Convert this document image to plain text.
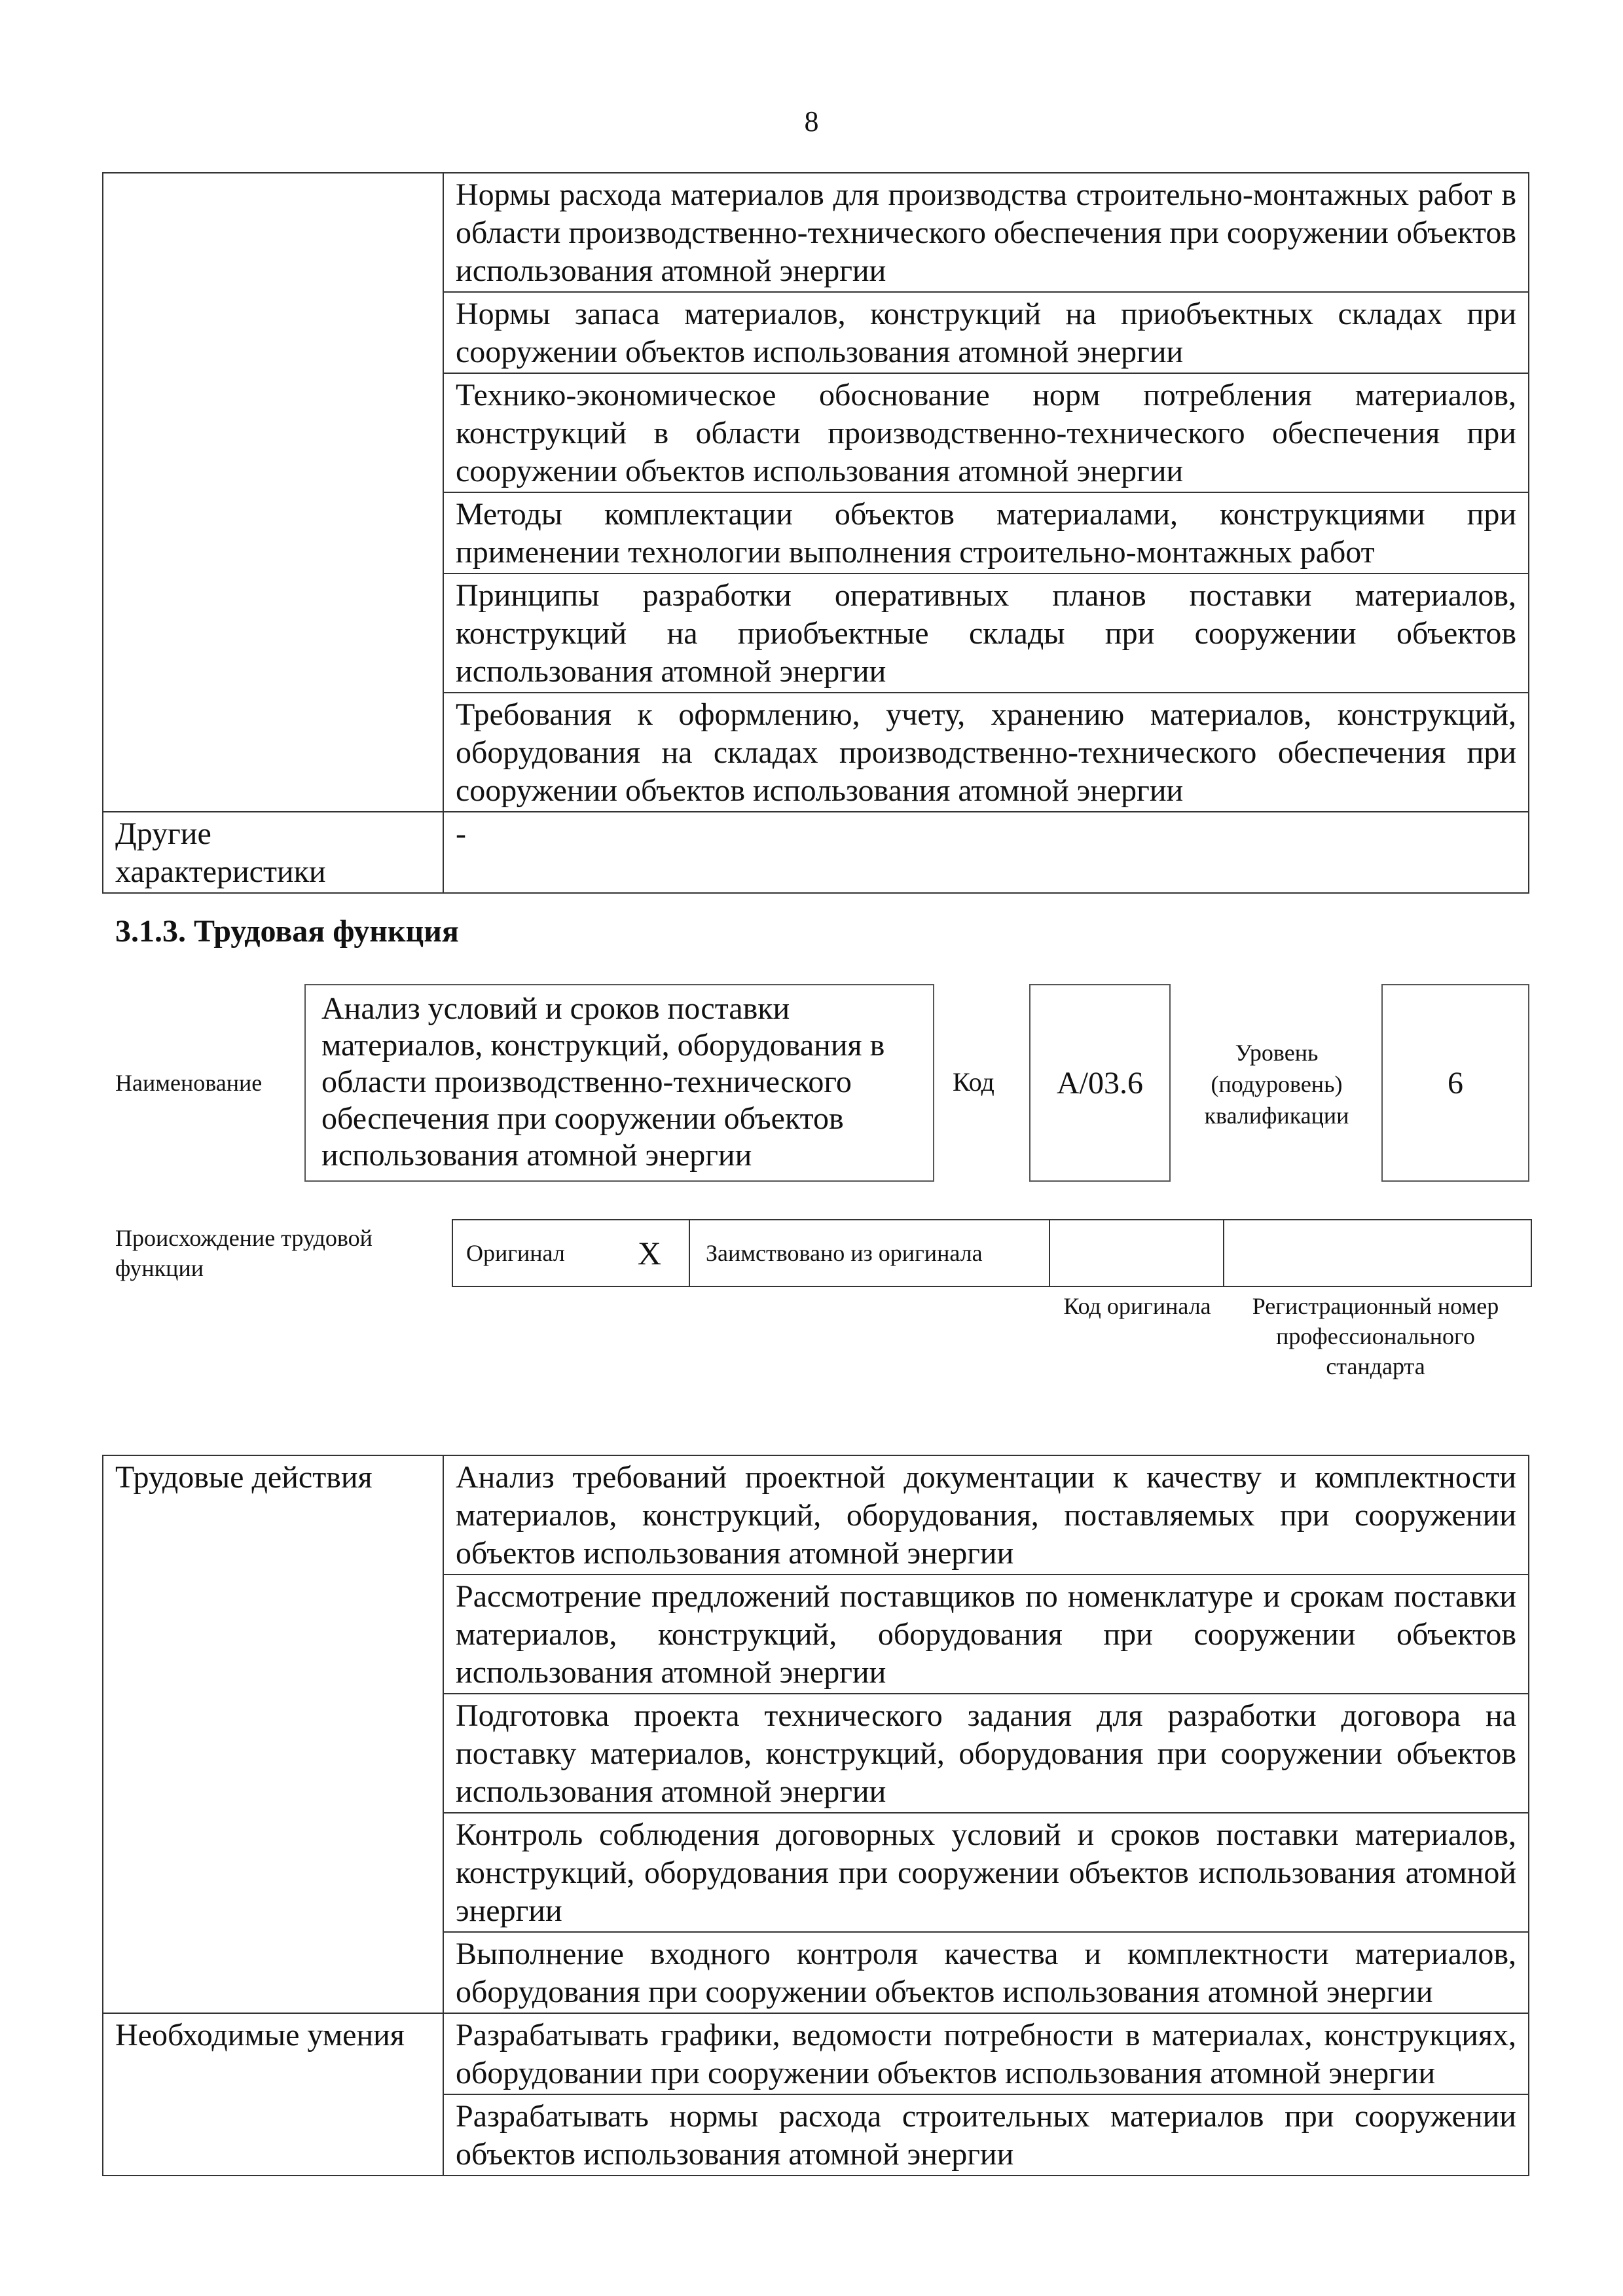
8
	Нормы расхода материалов для производства строительно-монтажных работ в области производственно-технического обеспечения при сооружении объектов использования атомной энергии
	Нормы запаса материалов, конструкций на приобъектных складах при сооружении объектов использования атомной энергии
	Технико-экономическое обоснование норм потребления материалов, конструкций в области производственно-технического обеспечения при сооружении объектов использования атомной энергии
	Методы комплектации объектов материалами, конструкциями при применении технологии выполнения строительно-монтажных работ
	Принципы разработки оперативных планов поставки материалов, конструкций на приобъектные склады при сооружении объектов использования атомной энергии
	Требования к оформлению, учету, хранению материалов, конструкций, оборудования на складах производственно-технического обеспечения при сооружении объектов использования атомной энергии
Другие характеристики	-
3.1.3. Трудовая функция
Наименование
Анализ условий и сроков поставки материалов, конструкций, оборудования в области производственно-технического обеспечения при сооружении объектов использования атомной энергии
Код	А/03.6
Уровень (подуровень) квалификации
6
Происхождение трудовой функции
Оригинал X	Заимствовано из оригинала
Код оригинала	Регистрационный номер профессионального стандарта
Трудовые действия	Анализ требований проектной документации к качеству и комплектности материалов, конструкций, оборудования, поставляемых при сооружении объектов использования атомной энергии
	Рассмотрение предложений поставщиков по номенклатуре и срокам поставки материалов, конструкций, оборудования при сооружении объектов использования атомной энергии
	Подготовка проекта технического задания для разработки договора на поставку материалов, конструкций, оборудования при сооружении объектов использования атомной энергии
	Контроль соблюдения договорных условий и сроков поставки материалов, конструкций, оборудования при сооружении объектов использования атомной энергии
	Выполнение входного контроля качества и комплектности материалов, оборудования при сооружении объектов использования атомной энергии
Необходимые умения	Разрабатывать графики, ведомости потребности в материалах, конструкциях, оборудовании при сооружении объектов использования атомной энергии
	Разрабатывать нормы расхода строительных материалов при сооружении объектов использования атомной энергии
